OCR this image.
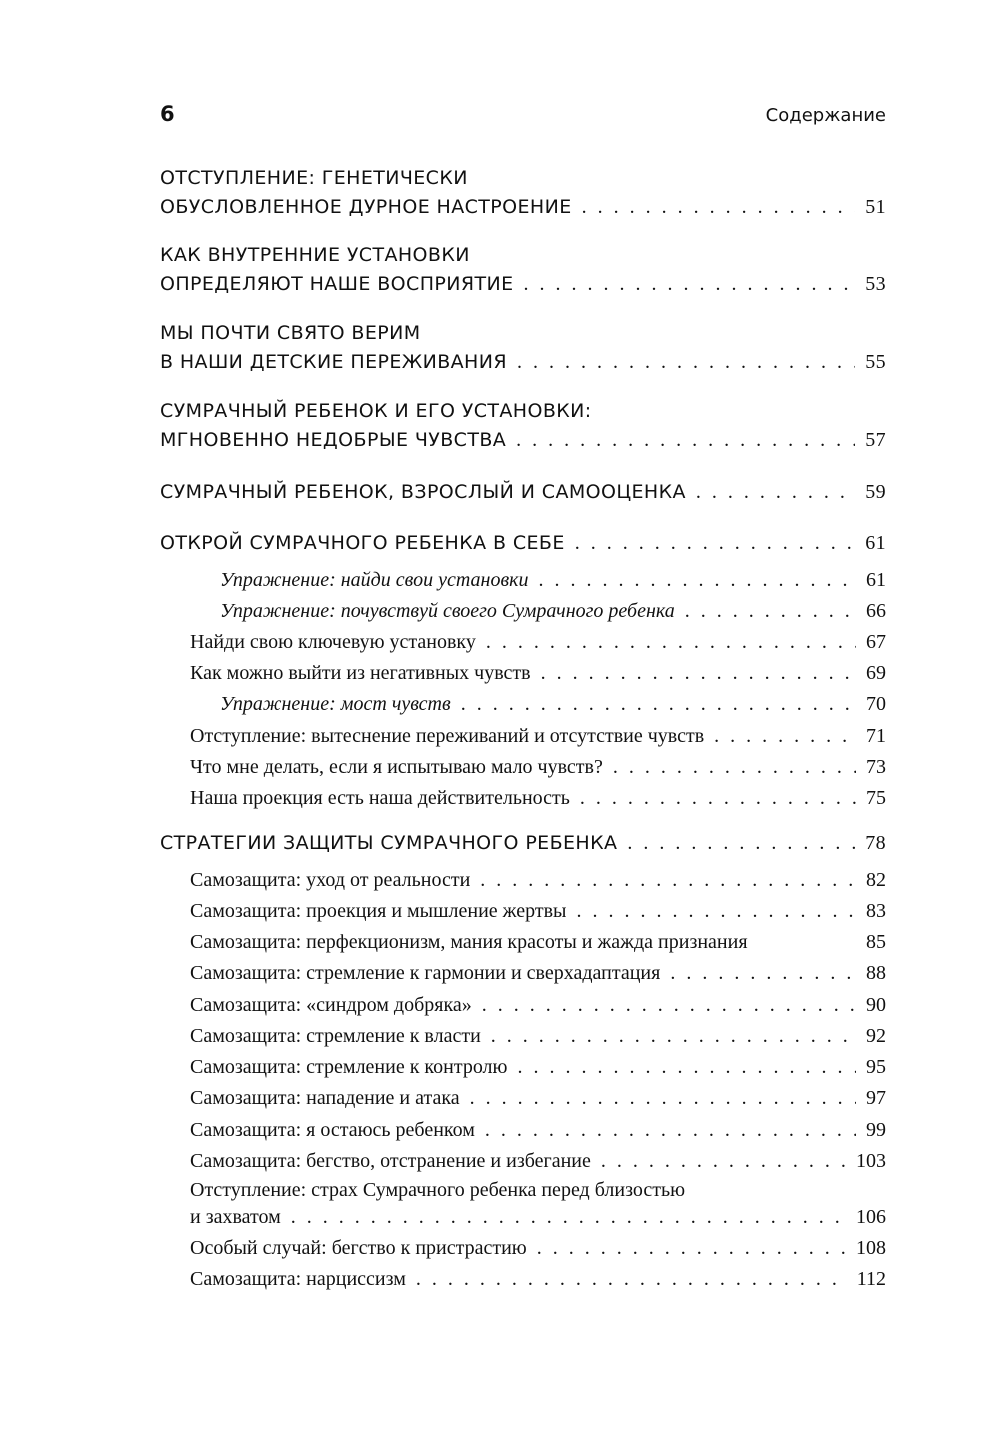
6	Содержание
ОТСТУПЛЕНИЕ: ГЕНЕТИЧЕСКИ
ОБУСЛОВЛЕННОЕ ДУРНОЕ НАСТРОЕНИЕ . . .	51
КАК ВНУТРЕННИЕ УСТАНОВКИ
ОПРЕДЕЛЯЮТ НАШЕ ВОСПРИЯТИЕ . . .	53
МЫ ПОЧТИ СВЯТО ВЕРИМ
В НАШИ ДЕТСКИЕ ПЕРЕЖИВАНИЯ . . .	55
СУМРАЧНЫЙ РЕБЕНОК И ЕГО УСТАНОВКИ:
МГНОВЕННО НЕДОБРЫЕ ЧУВСТВА . . .	57
СУМРАЧНЫЙ РЕБЕНОК, ВЗРОСЛЫЙ И САМООЦЕНКА . . .	59
ОТКРОЙ СУМРАЧНОГО РЕБЕНКА В СЕБЕ . . .	61
Упражнение: найди свои установки . . .	61
Упражнение: почувствуй своего Сумрачного ребенка . . .	66
Найди свою ключевую установку . . .	67
Как можно выйти из негативных чувств . . .	69
Упражнение: мост чувств . . .	70
Отступление: вытеснение переживаний и отсутствие чувств . . .	71
Что мне делать, если я испытываю мало чувств? . . .	73
Наша проекция есть наша действительность . . .	75
СТРАТЕГИИ ЗАЩИТЫ СУМРАЧНОГО РЕБЕНКА . . .	78
Самозащита: уход от реальности . . .	82
Самозащита: проекция и мышление жертвы . . .	83
Самозащита: перфекционизм, мания красоты и жажда признания	85
Самозащита: стремление к гармонии и сверхадаптация . . .	88
Самозащита: «синдром добряка» . . .	90
Самозащита: стремление к власти . . .	92
Самозащита: стремление к контролю . . .	95
Самозащита: нападение и атака . . .	97
Самозащита: я остаюсь ребенком . . .	99
Самозащита: бегство, отстранение и избегание . . .	103
Отступление: страх Сумрачного ребенка перед близостью
и захватом . . .	106
Особый случай: бегство к пристрастию . . .	108
Самозащита: нарциссизм . . .	112
